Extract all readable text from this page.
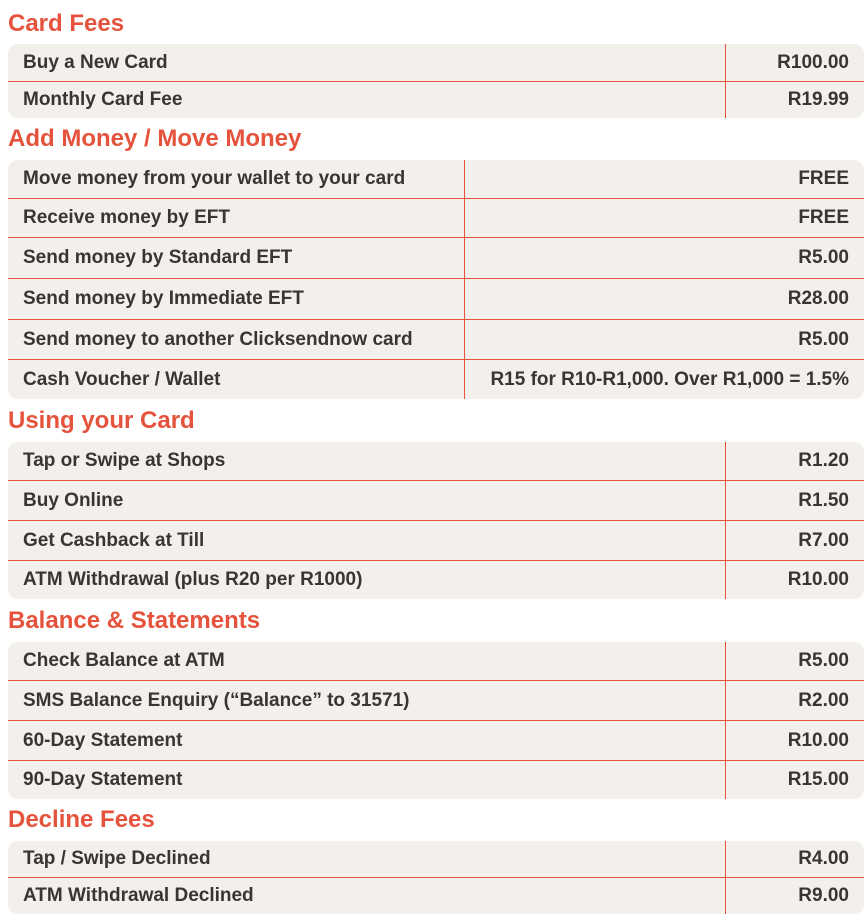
Card Fees
Buy a New Card	R100.00
Monthly Card Fee	R19.99
Add Money / Move Money
Move money from your wallet to your card	FREE
Receive money by EFT	FREE
Send money by Standard EFT	R5.00
Send money by Immediate EFT	R28.00
Send money to another Clicksendnow card	R5.00
Cash Voucher / Wallet	R15 for R10-R1,000. Over R1,000 = 1.5%
Using your Card
Tap or Swipe at Shops	R1.20
Buy Online	R1.50
Get Cashback at Till	R7.00
ATM Withdrawal (plus R20 per R1000)	R10.00
Balance & Statements
Check Balance at ATM	R5.00
SMS Balance Enquiry (“Balance” to 31571)	R2.00
60-Day Statement	R10.00
90-Day Statement	R15.00
Decline Fees
Tap / Swipe Declined	R4.00
ATM Withdrawal Declined	R9.00
